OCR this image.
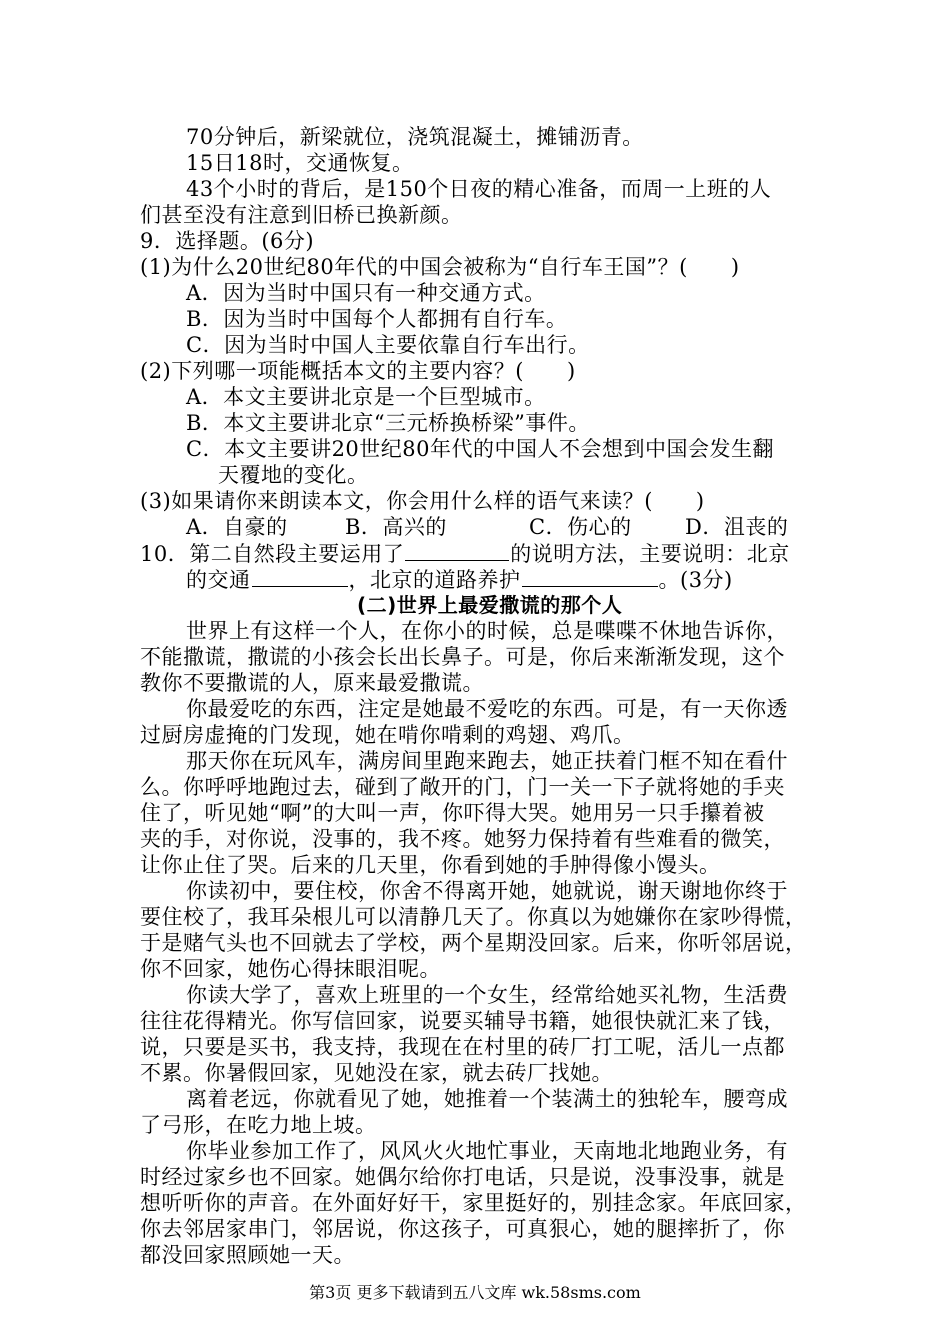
70分钟后，新梁就位，浇筑混凝土，摊铺沥青。
15日18时，交通恢复。
43个小时的背后，是150个日夜的精心准备，而周一上班的人
们甚至没有注意到旧桥已换新颜。
9．选择题。(6分)
(1)为什么20世纪80年代的中国会被称为“自行车王国”？(　　)
A．因为当时中国只有一种交通方式。
B．因为当时中国每个人都拥有自行车。
C．因为当时中国人主要依靠自行车出行。
(2)下列哪一项能概括本文的主要内容？(　　)
A．本文主要讲北京是一个巨型城市。
B．本文主要讲北京“三元桥换桥梁”事件。
C．本文主要讲20世纪80年代的中国人不会想到中国会发生翻
天覆地的变化。
(3)如果请你来朗读本文，你会用什么样的语气来读？(　　)
A．自豪的	B．高兴的	C．伤心的	D．沮丧的
10．第二自然段主要运用了	的说明方法，主要说明：北京
的交通	，北京的道路养护	。(3分)
(二)世界上最爱撒谎的那个人
世界上有这样一个人，在你小的时候，总是喋喋不休地告诉你，
不能撒谎，撒谎的小孩会长出长鼻子。可是，你后来渐渐发现，这个
教你不要撒谎的人，原来最爱撒谎。
你最爱吃的东西，注定是她最不爱吃的东西。可是，有一天你透
过厨房虚掩的门发现，她在啃你啃剩的鸡翅、鸡爪。
那天你在玩风车，满房间里跑来跑去，她正扶着门框不知在看什
么。你呼呼地跑过去，碰到了敞开的门，门一关一下子就将她的手夹
住了，听见她“啊”的大叫一声，你吓得大哭。她用另一只手攥着被
夹的手，对你说，没事的，我不疼。她努力保持着有些难看的微笑，
让你止住了哭。后来的几天里，你看到她的手肿得像小馒头。
你读初中，要住校，你舍不得离开她，她就说，谢天谢地你终于
要住校了，我耳朵根儿可以清静几天了。你真以为她嫌你在家吵得慌，
于是赌气头也不回就去了学校，两个星期没回家。后来，你听邻居说，
你不回家，她伤心得抹眼泪呢。
你读大学了，喜欢上班里的一个女生，经常给她买礼物，生活费
往往花得精光。你写信回家，说要买辅导书籍，她很快就汇来了钱，
说，只要是买书，我支持，我现在在村里的砖厂打工呢，活儿一点都
不累。你暑假回家，见她没在家，就去砖厂找她。
离着老远，你就看见了她，她推着一个装满土的独轮车，腰弯成
了弓形，在吃力地上坡。
你毕业参加工作了，风风火火地忙事业，天南地北地跑业务，有
时经过家乡也不回家。她偶尔给你打电话，只是说，没事没事，就是
想听听你的声音。在外面好好干，家里挺好的，别挂念家。年底回家，
你去邻居家串门，邻居说，你这孩子，可真狠心，她的腿摔折了，你
都没回家照顾她一天。
第3页 更多下载请到五八文库 wk.58sms.com
